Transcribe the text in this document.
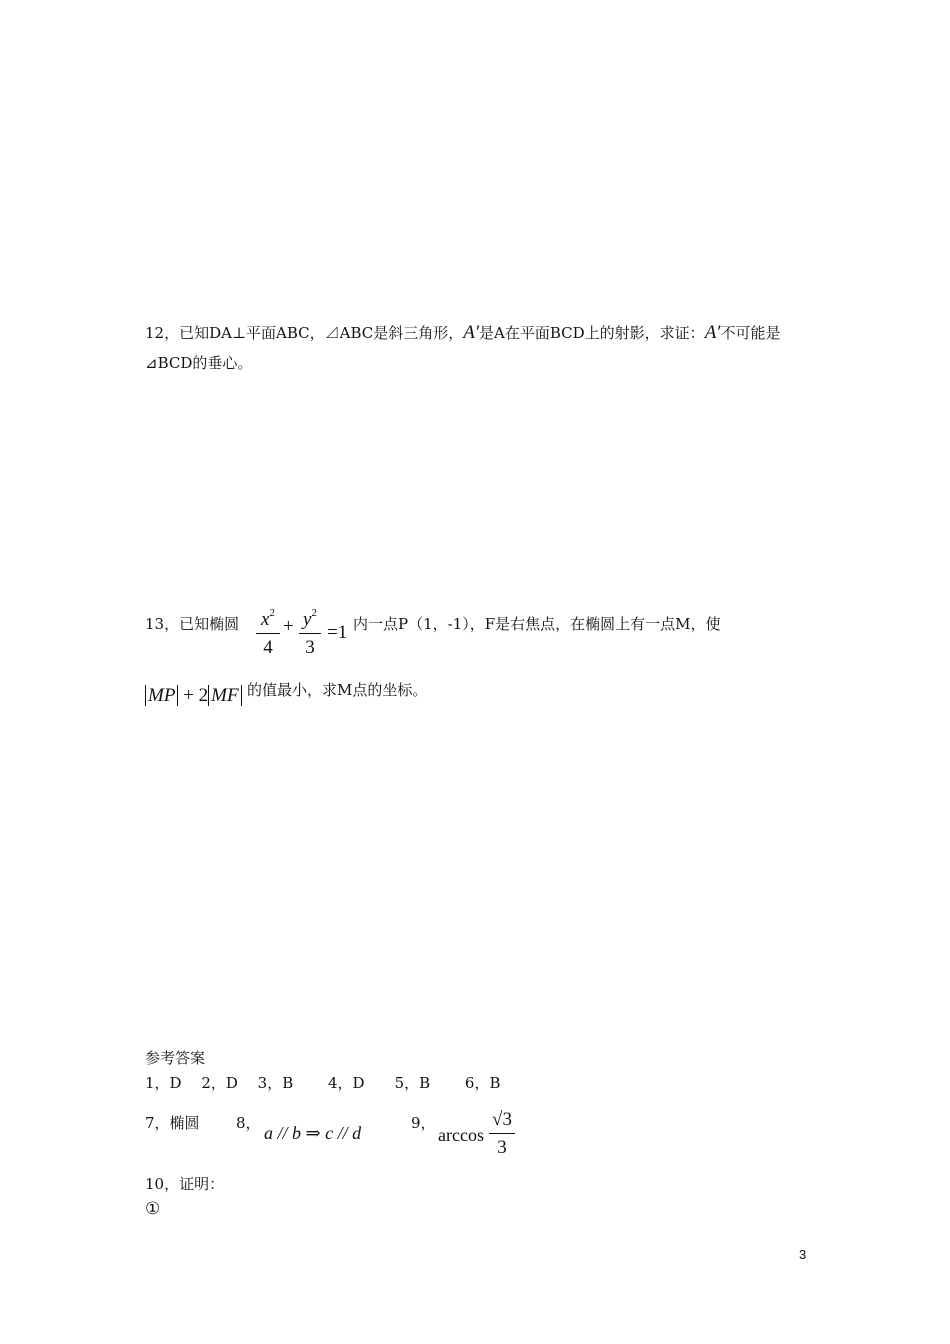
12，已知DA⊥平面ABC，⊿ABC是斜三角形，A′是A在平面BCD上的射影，求证：A′不可能是
⊿BCD的垂心。
13，已知椭圆 $x^2$
4
+ $y^2$
3
=1 内一点P（1，-1），F是右焦点，在椭圆上有一点M，使
MP + 2 MF 的值最小，求M点的坐标。
参考答案
1，D　 2，D　 3，B　　 4，D　　5，B　　 6，B
7，椭圆 8， a // b ⇒ c // d	9，
arccos
√3
3
10，证明：
①
3
